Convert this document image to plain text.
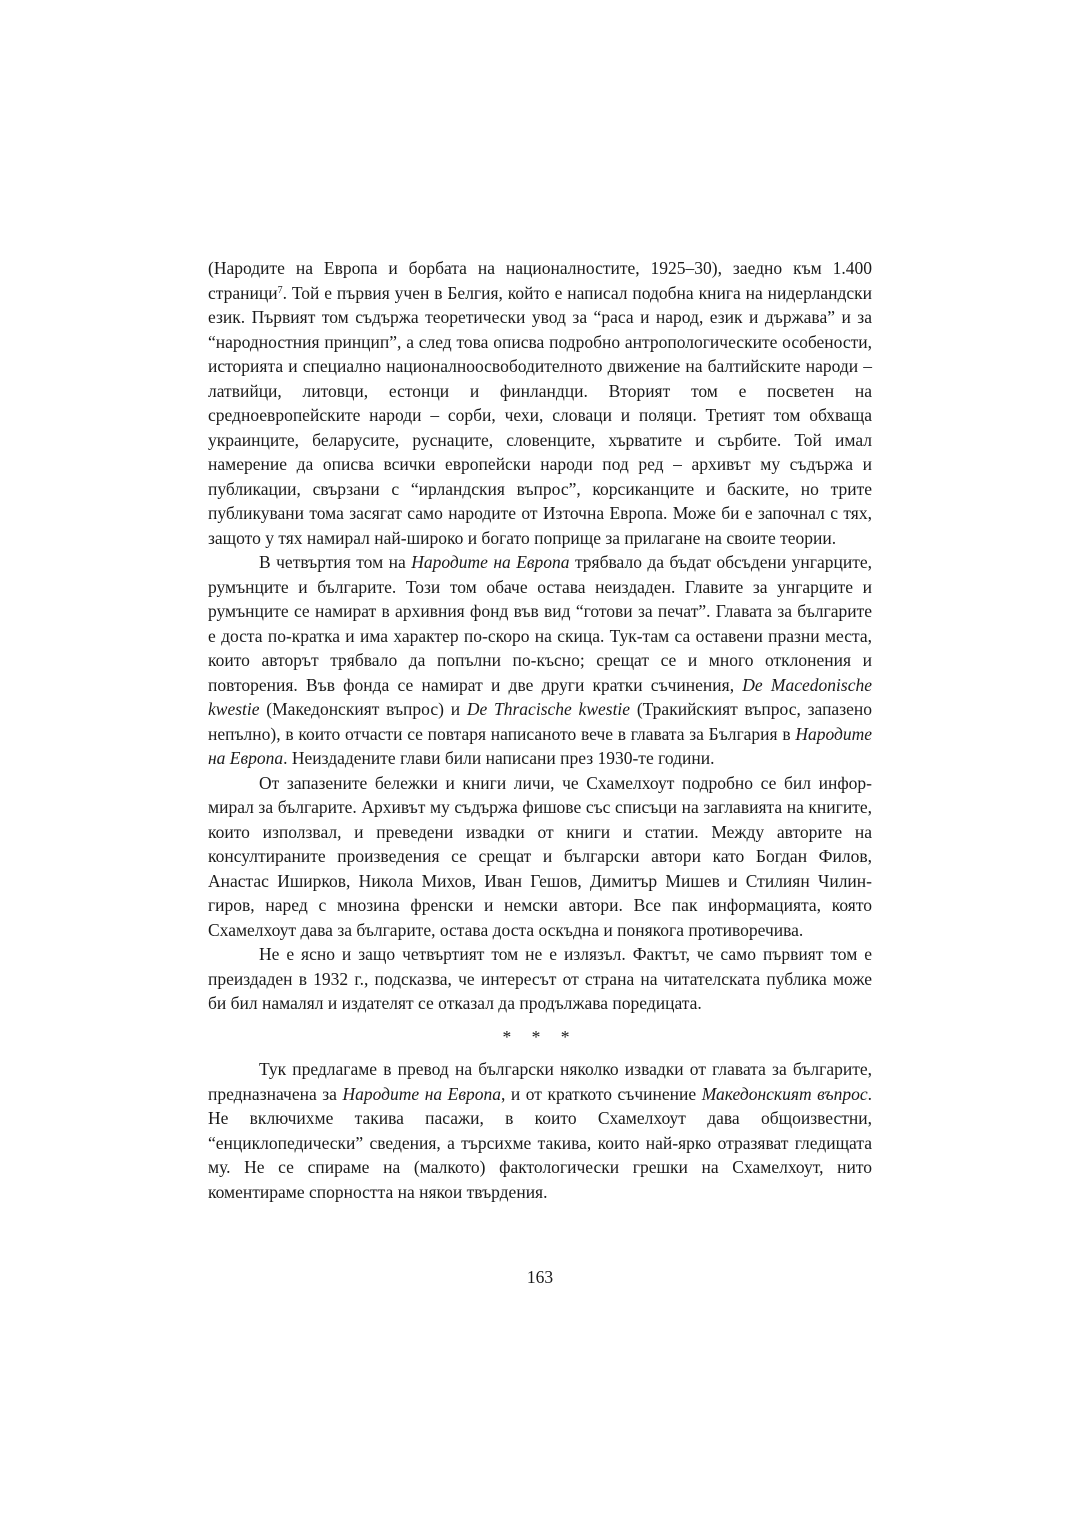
(Народите на Европа и борбата на националностите, 1925–30), заедно към 1.400 страници$^7$. Той е първия учен в Белгия, който е написал подобна книга на нидерландски език. Първият том съдържа теоретически увод за “раса и народ, език и държава” и за “народностния принцип”, а след това описва подробно антропологическите особености, историята и специално националноосвободителното движение на балтийските народи – латвийци, литовци, естонци и финландци. Вторият том е посветен на средноевропейските народи – сорби, чехи, словаци и поляци. Третият том обхваща украинците, беларусите, руснаците, словенците, хърватите и сърбите. Той имал намерение да описва всички европейски народи под ред – архивът му съдържа и публикации, свързани с “ирландския въпрос”, корсиканците и баските, но трите публикувани тома засягат само народите от Източна Европа. Може би е започнал с тях, защото у тях намирал най-широко и богато поприще за прилагане на своите теории.

В четвъртия том на Народите на Европа трябвало да бъдат обсъдени унгарците, румънците и българите. Този том обаче остава неиздаден. Главите за унгарците и румънците се намират в архивния фонд във вид “готови за печат”. Главата за българите е доста по-кратка и има характер по-скоро на скица. Тук-там са оставени празни места, които авторът трябвало да попълни по-късно; срещат се и много отклонения и повторения. Във фонда се намират и две други кратки съчинения, De Macedonische kwestie (Македонският въпрос) и De Thracische kwestie (Тракийският въпрос, запазено непълно), в които отчасти се повтаря написаното вече в главата за България в Народите на Европа. Неиздадените глави били написани през 1930-те години.

От запазените бележки и книги личи, че Схамелхоут подробно се бил информирал за българите. Архивът му съдържа фишове със списъци на заглавията на книгите, които използвал, и преведени извадки от книги и статии. Между авторите на консултираните произведения се срещат и български автори като Богдан Филов, Анастас Иширков, Никола Михов, Иван Гешов, Димитър Мишев и Стилиян Чилингиров, наред с мнозина френски и немски автори. Все пак информацията, която Схамелхоут дава за българите, остава доста оскъдна и понякога противоречива.

Не е ясно и защо четвъртият том не е излязъл. Фактът, че само първият том е преиздаден в 1932 г., подсказва, че интересът от страна на читателската публика може би бил намалял и издателят се отказал да продължава поредицата.

* * *

Тук предлагаме в превод на български няколко извадки от главата за българите, предназначена за Народите на Европа, и от краткото съчинение Македонският въпрос. Не включихме такива пасажи, в които Схамелхоут дава общоизвестни, “енциклопедически” сведения, а търсихме такива, които най-ярко отразяват гледищата му. Не се спираме на (малкото) фактологически грешки на Схамелхоут, нито коментираме спорността на някои твърдения.

163
